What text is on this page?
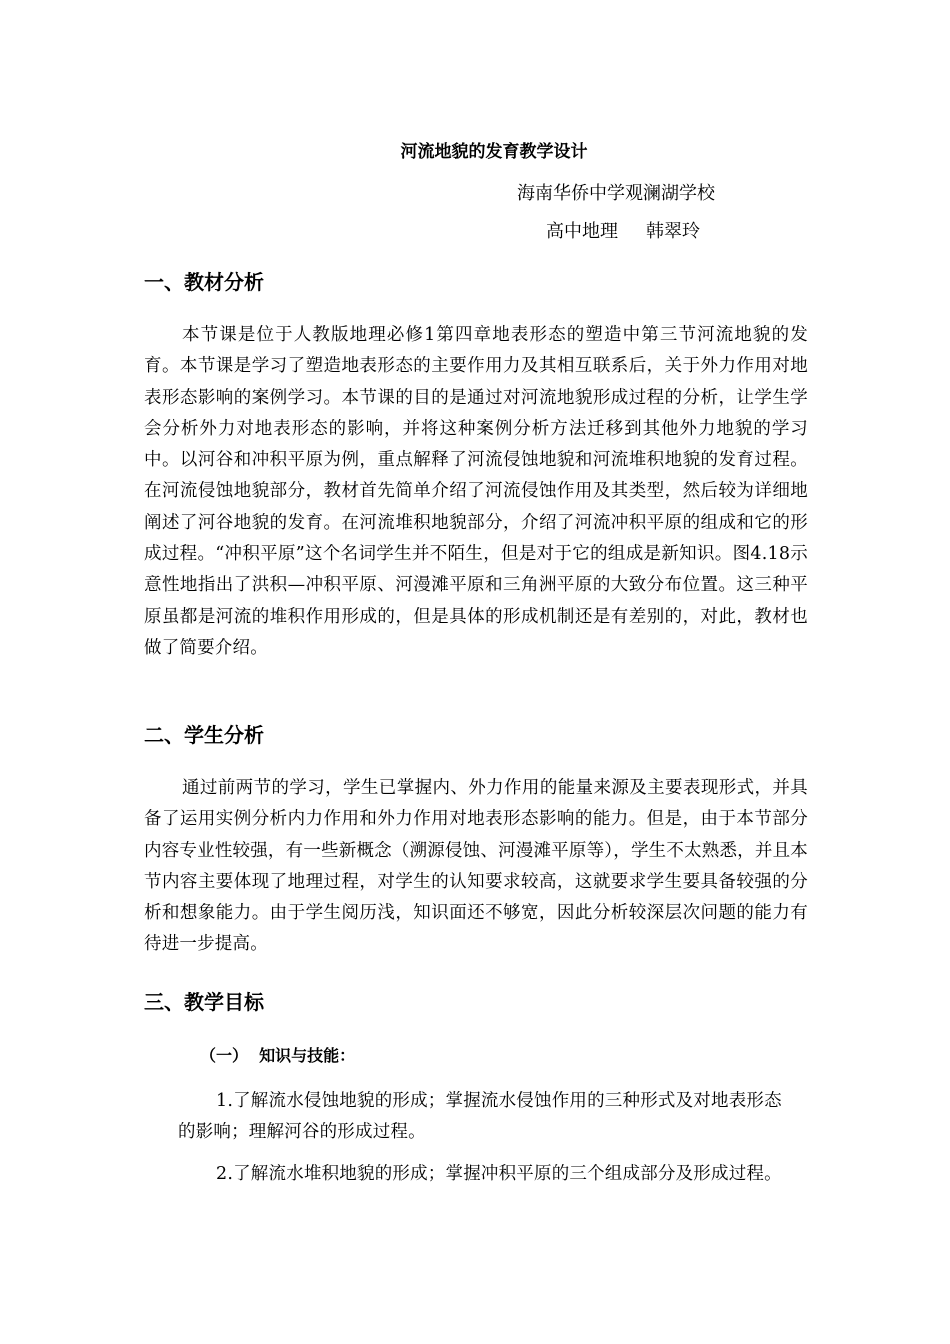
河流地貌的发育教学设计
海南华侨中学观澜湖学校
高中地理 韩翠玲
一、教材分析
本节课是位于人教版地理必修1第四章地表形态的塑造中第三节河流地貌的发育。本节课是学习了塑造地表形态的主要作用力及其相互联系后，关于外力作用对地表形态影响的案例学习。本节课的目的是通过对河流地貌形成过程的分析，让学生学会分析外力对地表形态的影响，并将这种案例分析方法迁移到其他外力地貌的学习中。以河谷和冲积平原为例，重点解释了河流侵蚀地貌和河流堆积地貌的发育过程。在河流侵蚀地貌部分，教材首先简单介绍了河流侵蚀作用及其类型，然后较为详细地阐述了河谷地貌的发育。在河流堆积地貌部分，介绍了河流冲积平原的组成和它的形成过程。“冲积平原”这个名词学生并不陌生，但是对于它的组成是新知识。图4.18示意性地指出了洪积—冲积平原、河漫滩平原和三角洲平原的大致分布位置。这三种平原虽都是河流的堆积作用形成的，但是具体的形成机制还是有差别的，对此，教材也做了简要介绍。
二、学生分析
通过前两节的学习，学生已掌握内、外力作用的能量来源及主要表现形式，并具备了运用实例分析内力作用和外力作用对地表形态影响的能力。但是，由于本节部分内容专业性较强，有一些新概念（溯源侵蚀、河漫滩平原等），学生不太熟悉，并且本节内容主要体现了地理过程，对学生的认知要求较高，这就要求学生要具备较强的分析和想象能力。由于学生阅历浅，知识面还不够宽，因此分析较深层次问题的能力有待进一步提高。
三、教学目标
（一）  知识与技能：
1.了解流水侵蚀地貌的形成；掌握流水侵蚀作用的三种形式及对地表形态的影响；理解河谷的形成过程。
2.了解流水堆积地貌的形成；掌握冲积平原的三个组成部分及形成过程。
